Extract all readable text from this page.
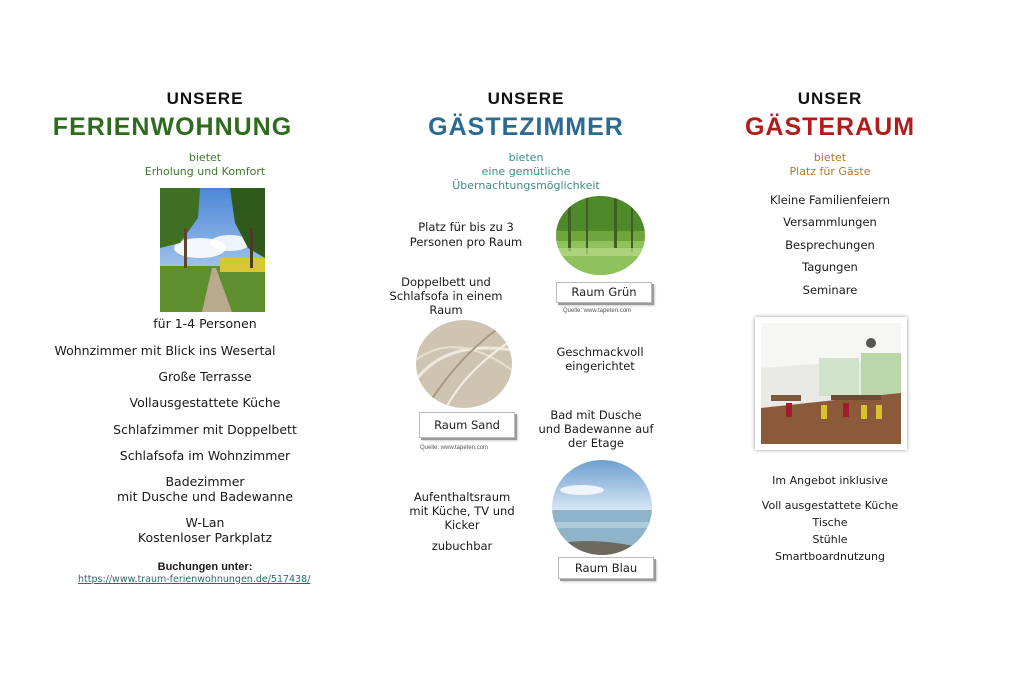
UNSERE
FERIENWOHNUNG
bietet
Erholung und Komfort
für 1-4 Personen
Wohnzimmer mit Blick ins Wesertal
Große Terrasse
Vollausgestattete Küche
Schlafzimmer mit Doppelbett
Schlafsofa im Wohnzimmer
Badezimmer
mit Dusche und Badewanne
W-Lan
Kostenloser Parkplatz
Buchungen unter:
https://www.traum-ferienwohnungen.de/517438/
UNSERE
GÄSTEZIMMER
bieten
eine gemütliche
Übernachtungsmöglichkeit
Platz für bis zu 3
Personen pro Raum
Raum Grün
Quelle: www.tapeten.com
Doppelbett und
Schlafsofa in einem
Raum
Geschmackvoll
eingerichtet
Raum Sand
Quelle: www.tapeten.com
Bad mit Dusche
und Badewanne auf
der Etage
Aufenthaltsraum
mit Küche, TV und
Kicker
zubuchbar
Raum Blau
UNSER
GÄSTERAUM
bietet
Platz für Gäste
Kleine Familienfeiern
Versammlungen
Besprechungen
Tagungen
Seminare
Im Angebot inklusive
Voll ausgestattete Küche
Tische
Stühle
Smartboardnutzung
